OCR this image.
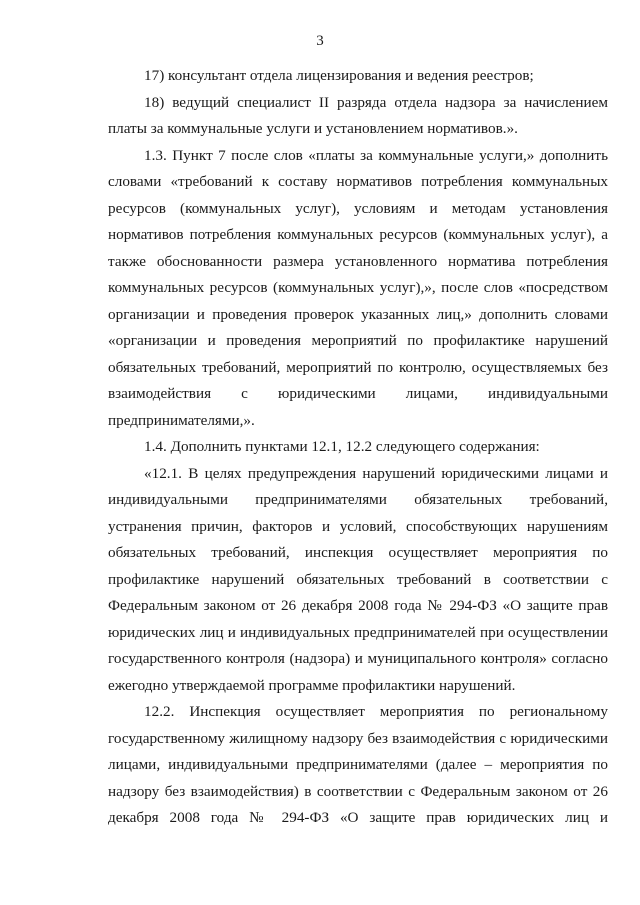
3

17) консультант отдела лицензирования и ведения реестров;

18) ведущий специалист II разряда отдела надзора за начислением платы за коммунальные услуги и установлением нормативов.».

1.3. Пункт 7 после слов «платы за коммунальные услуги,» дополнить словами «требований к составу нормативов потребления коммунальных ресурсов (коммунальных услуг), условиям и методам установления нормативов потребления коммунальных ресурсов (коммунальных услуг), а также обоснованности размера установленного норматива потребления коммунальных ресурсов (коммунальных услуг),», после слов «посредством организации и проведения проверок указанных лиц,» дополнить словами «организации и проведения мероприятий по профилактике нарушений обязательных требований, мероприятий по контролю, осуществляемых без взаимодействия с юридическими лицами, индивидуальными предпринимателями,».

1.4. Дополнить пунктами 12.1, 12.2 следующего содержания:

«12.1. В целях предупреждения нарушений юридическими лицами и индивидуальными предпринимателями обязательных требований, устранения причин, факторов и условий, способствующих нарушениям обязательных требований, инспекция осуществляет мероприятия по профилактике нарушений обязательных требований в соответствии с Федеральным законом от 26 декабря 2008 года № 294-ФЗ «О защите прав юридических лиц и индивидуальных предпринимателей при осуществлении государственного контроля (надзора) и муниципального контроля» согласно ежегодно утверждаемой программе профилактики нарушений.

12.2. Инспекция осуществляет мероприятия по региональному государственному жилищному надзору без взаимодействия с юридическими лицами, индивидуальными предпринимателями (далее – мероприятия по надзору без взаимодействия) в соответствии с Федеральным законом от 26 декабря 2008 года № 294-ФЗ «О защите прав юридических лиц и
